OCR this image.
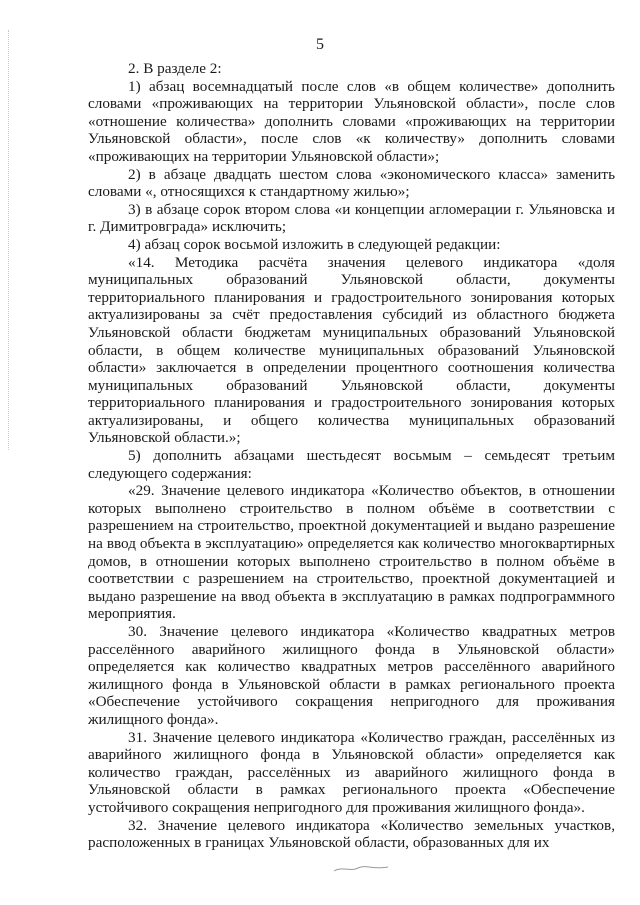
5

2. В разделе 2:

1) абзац восемнадцатый после слов «в общем количестве» дополнить словами «проживающих на территории Ульяновской области», после слов «отношение количества» дополнить словами «проживающих на территории Ульяновской области», после слов «к количеству» дополнить словами «проживающих на территории Ульяновской области»;

2) в абзаце двадцать шестом слова «экономического класса» заменить словами «, относящихся к стандартному жилью»;

3) в абзаце сорок втором слова «и концепции агломерации г. Ульяновска и г. Димитровграда» исключить;

4) абзац сорок восьмой изложить в следующей редакции:

«14. Методика расчёта значения целевого индикатора «доля муниципальных образований Ульяновской области, документы территориального планирования и градостроительного зонирования которых актуализированы за счёт предоставления субсидий из областного бюджета Ульяновской области бюджетам муниципальных образований Ульяновской области, в общем количестве муниципальных образований Ульяновской области» заключается в определении процентного соотношения количества муниципальных образований Ульяновской области, документы территориального планирования и градостроительного зонирования которых актуализированы, и общего количества муниципальных образований Ульяновской области.»;

5) дополнить абзацами шестьдесят восьмым – семьдесят третьим следующего содержания:

«29. Значение целевого индикатора «Количество объектов, в отношении которых выполнено строительство в полном объёме в соответствии с разрешением на строительство, проектной документацией и выдано разрешение на ввод объекта в эксплуатацию» определяется как количество многоквартирных домов, в отношении которых выполнено строительство в полном объёме в соответствии с разрешением на строительство, проектной документацией и выдано разрешение на ввод объекта в эксплуатацию в рамках подпрограммного мероприятия.

30. Значение целевого индикатора «Количество квадратных метров расселённого аварийного жилищного фонда в Ульяновской области» определяется как количество квадратных метров расселённого аварийного жилищного фонда в Ульяновской области в рамках регионального проекта «Обеспечение устойчивого сокращения непригодного для проживания жилищного фонда».

31. Значение целевого индикатора «Количество граждан, расселённых из аварийного жилищного фонда в Ульяновской области» определяется как количество граждан, расселённых из аварийного жилищного фонда в Ульяновской области в рамках регионального проекта «Обеспечение устойчивого сокращения непригодного для проживания жилищного фонда».

32. Значение целевого индикатора «Количество земельных участков, расположенных в границах Ульяновской области, образованных для их
